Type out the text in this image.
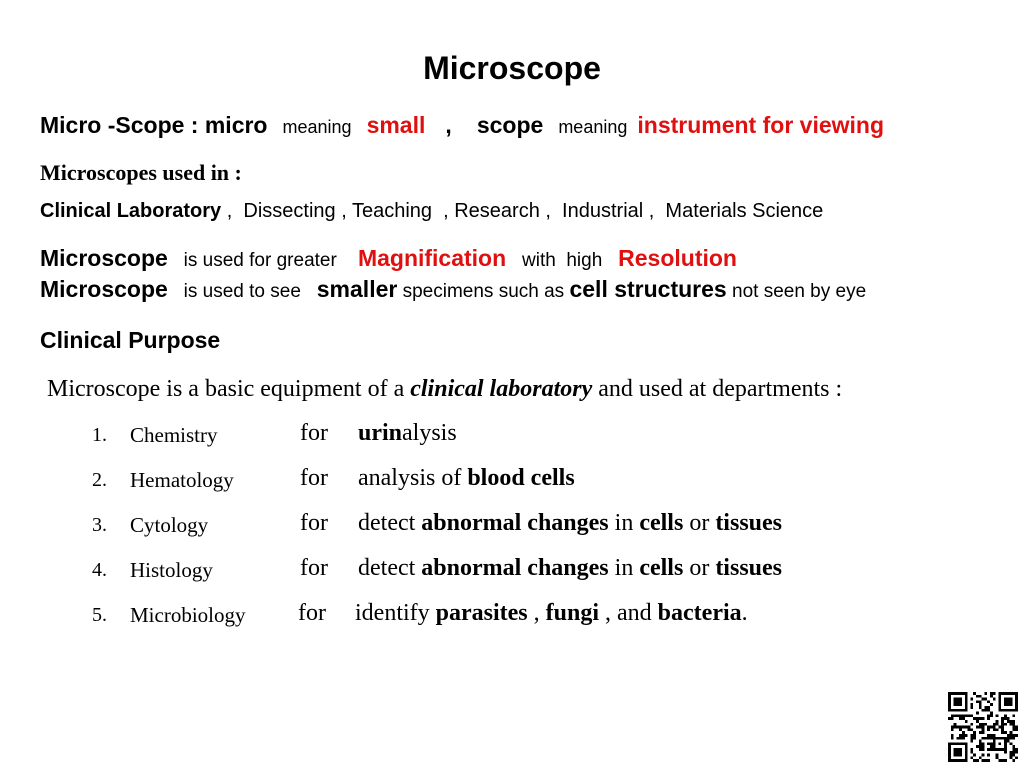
Microscope
Micro -Scope : micro meaning small , scope meaning instrument for viewing
Microscopes used in :
Clinical Laboratory ,  Dissecting , Teaching  , Research ,  Industrial ,  Materials Science
Microscope is used for greater Magnification with  high Resolution
Microscope is used to see smaller specimens such as cell structures not seen by eye
Clinical Purpose
Microscope is a basic equipment of a clinical laboratory and used at departments :
1. Chemistry	for urinalysis
2. Hematology	for analysis of blood cells
3. Cytology	for detect abnormal changes in cells or tissues
4. Histology	for detect abnormal changes in cells or tissues
5. Microbiology for identify parasites , fungi , and bacteria.
